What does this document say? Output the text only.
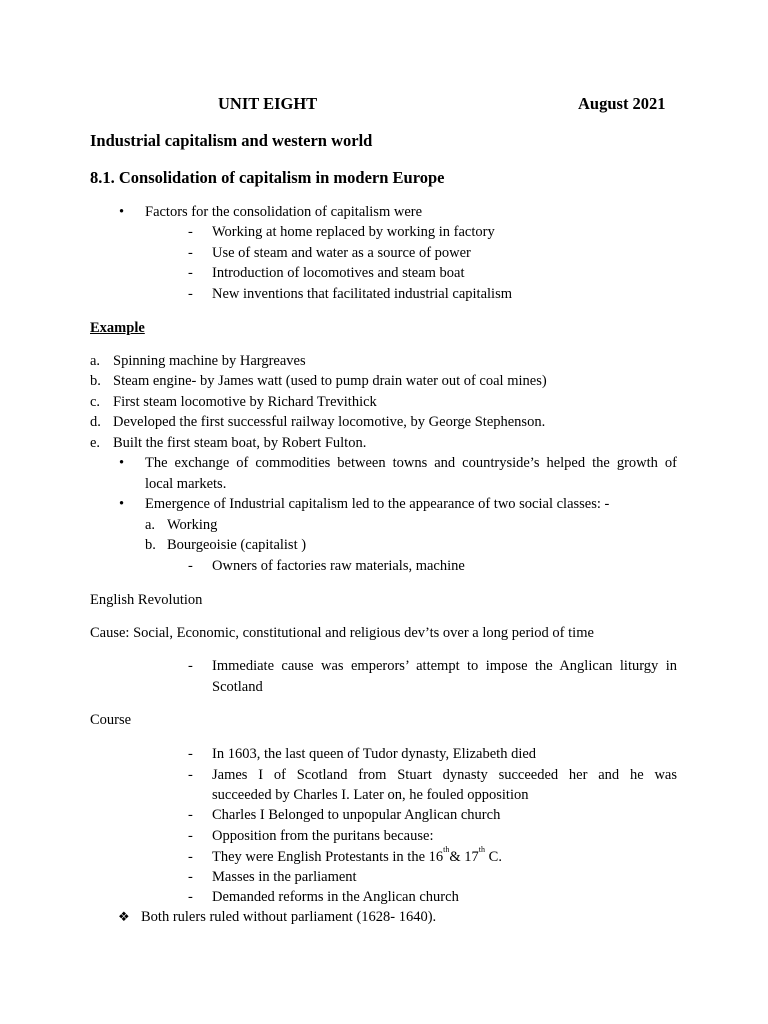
UNIT EIGHT	August 2021
Industrial capitalism and western world
8.1. Consolidation of capitalism in modern Europe
• Factors for the consolidation of capitalism were
- Working at home replaced by working in factory
- Use of steam and water as a source of power
- Introduction of locomotives and steam boat
- New inventions that facilitated industrial capitalism
Example
a. Spinning machine by Hargreaves
b. Steam engine- by James watt (used to pump drain water out of coal mines)
c. First steam locomotive by Richard Trevithick
d. Developed the first successful railway locomotive, by George Stephenson.
e. Built the first steam boat, by Robert Fulton.
• The exchange of commodities between towns and countryside’s helped the growth of
local markets.
• Emergence of Industrial capitalism led to the appearance of two social classes: -
a. Working
b. Bourgeoisie (capitalist )
- Owners of factories raw materials, machine
English Revolution
Cause: Social, Economic, constitutional and religious dev’ts over a long period of time
- Immediate cause was emperors’ attempt to impose the Anglican liturgy in
Scotland
Course
- In 1603, the last queen of Tudor dynasty, Elizabeth died
- James I of Scotland from Stuart dynasty succeeded her and he was
succeeded by Charles I. Later on, he fouled opposition
- Charles I Belonged to unpopular Anglican church
- Opposition from the puritans because:
- They were English Protestants in the 16th& 17th C.
- Masses in the parliament
- Demanded reforms in the Anglican church
❖ Both rulers ruled without parliament (1628- 1640).
